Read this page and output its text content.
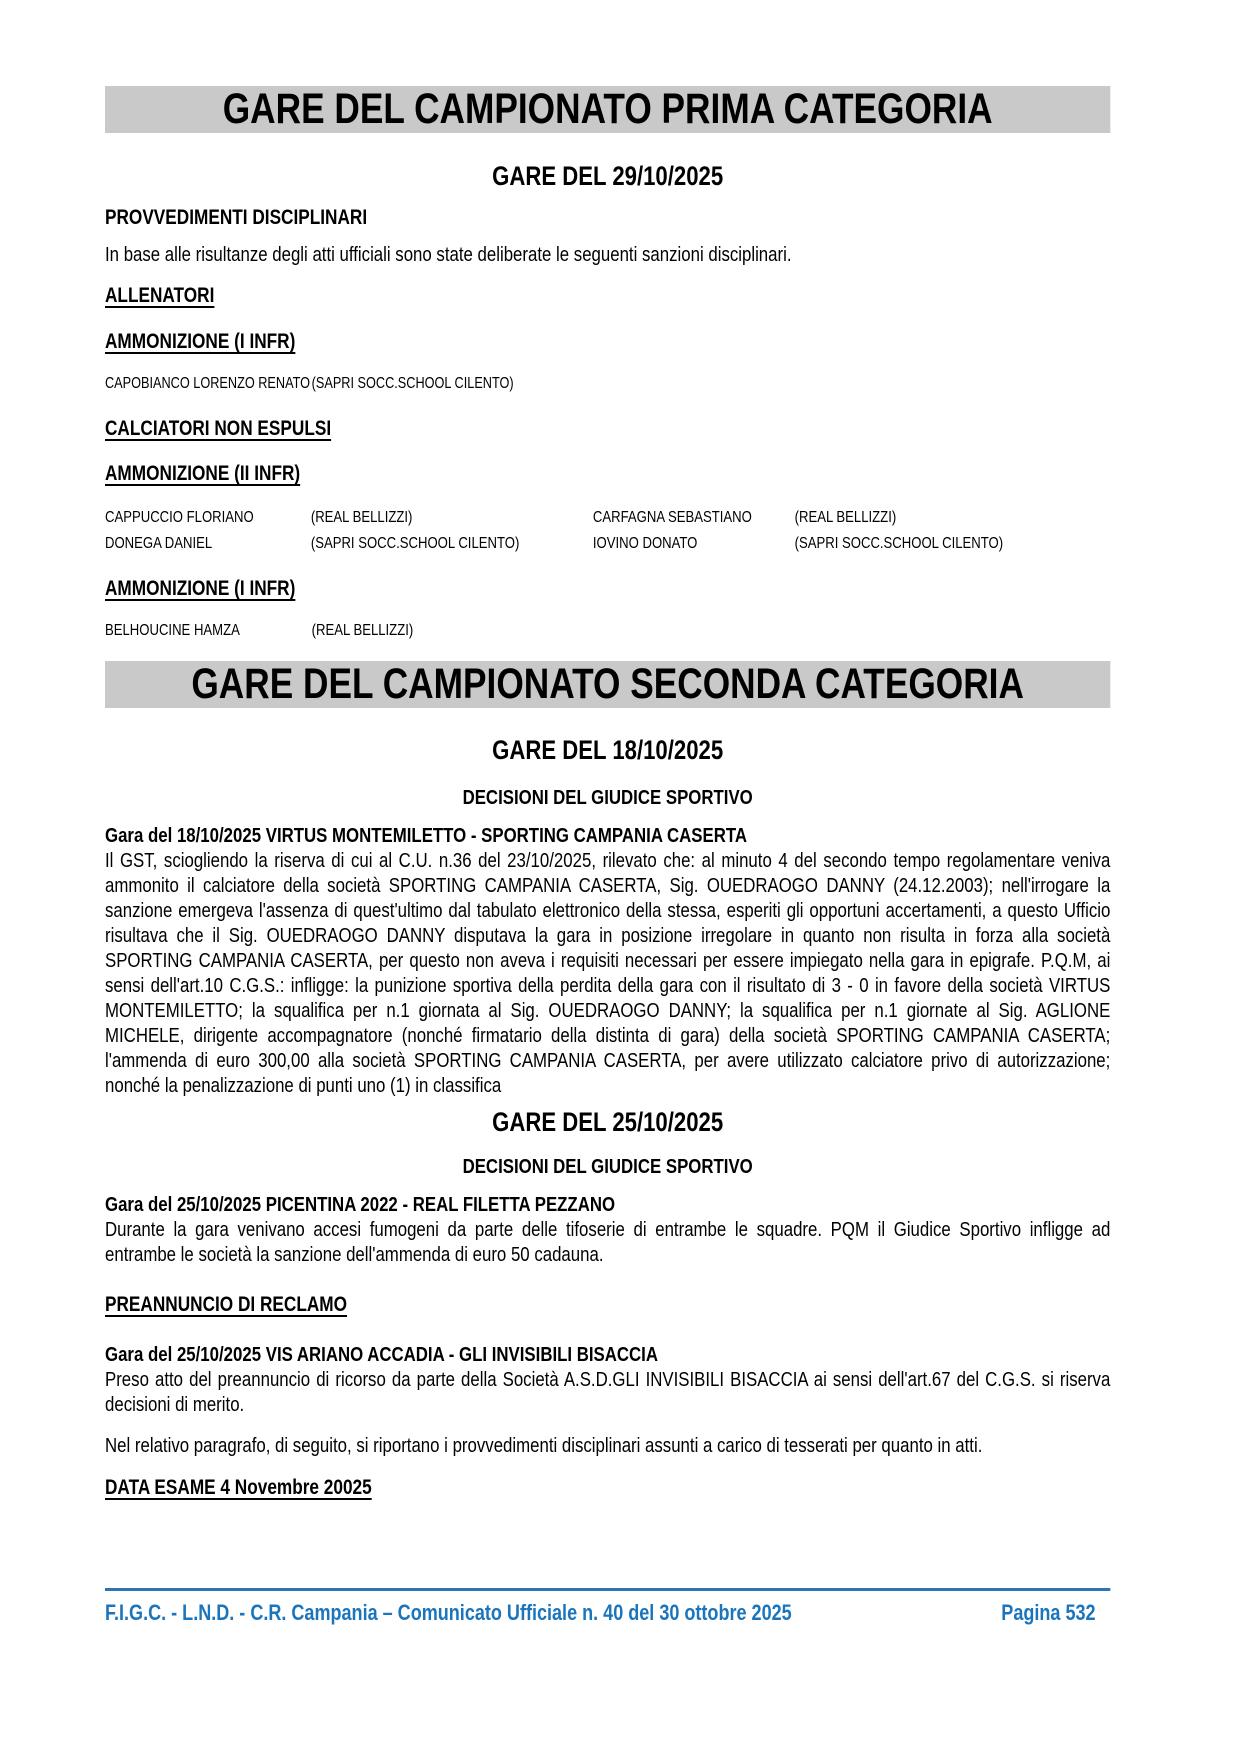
GARE DEL CAMPIONATO PRIMA CATEGORIA
GARE DEL 29/10/2025
PROVVEDIMENTI DISCIPLINARI

In base alle risultanze degli atti ufficiali sono state deliberate le seguenti sanzioni disciplinari.

ALLENATORI
AMMONIZIONE (I INFR)
CAPOBIANCO LORENZO RENATO (SAPRI SOCC.SCHOOL CILENTO)
CALCIATORI NON ESPULSI
AMMONIZIONE (II INFR)
CAPPUCCIO FLORIANO	(REAL BELLIZZI)	CARFAGNA SEBASTIANO	(REAL BELLIZZI)
DONEGA DANIEL	(SAPRI SOCC.SCHOOL CILENTO)	IOVINO DONATO	(SAPRI SOCC.SCHOOL CILENTO)
AMMONIZIONE (I INFR)
BELHOUCINE HAMZA	(REAL BELLIZZI)
GARE DEL CAMPIONATO SECONDA CATEGORIA
GARE DEL 18/10/2025
DECISIONI DEL GIUDICE SPORTIVO
Gara del 18/10/2025 VIRTUS MONTEMILETTO - SPORTING CAMPANIA CASERTA
Il GST, sciogliendo la riserva di cui al C.U. n.36 del 23/10/2025, rilevato che: al minuto 4 del secondo tempo regolamentare veniva ammonito il calciatore della società SPORTING CAMPANIA CASERTA, Sig. OUEDRAOGO DANNY (24.12.2003); nell'irrogare la sanzione emergeva l'assenza di quest'ultimo dal tabulato elettronico della stessa, esperiti gli opportuni accertamenti, a questo Ufficio risultava che il Sig. OUEDRAOGO DANNY disputava la gara in posizione irregolare in quanto non risulta in forza alla società SPORTING CAMPANIA CASERTA, per questo non aveva i requisiti necessari per essere impiegato nella gara in epigrafe. P.Q.M, ai sensi dell'art.10 C.G.S.: infligge: la punizione sportiva della perdita della gara con il risultato di 3 - 0 in favore della società VIRTUS MONTEMILETTO; la squalifica per n.1 giornata al Sig. OUEDRAOGO DANNY; la squalifica per n.1 giornate al Sig. AGLIONE MICHELE, dirigente accompagnatore (nonché firmatario della distinta di gara) della società SPORTING CAMPANIA CASERTA; l'ammenda di euro 300,00 alla società SPORTING CAMPANIA CASERTA, per avere utilizzato calciatore privo di autorizzazione; nonché la penalizzazione di punti uno (1) in classifica
GARE DEL 25/10/2025
DECISIONI DEL GIUDICE SPORTIVO
Gara del 25/10/2025 PICENTINA 2022 - REAL FILETTA PEZZANO
Durante la gara venivano accesi fumogeni da parte delle tifoserie di entrambe le squadre. PQM il Giudice Sportivo infligge ad entrambe le società la sanzione dell'ammenda di euro 50 cadauna.
PREANNUNCIO DI RECLAMO
Gara del 25/10/2025 VIS ARIANO ACCADIA - GLI INVISIBILI BISACCIA
Preso atto del preannuncio di ricorso da parte della Società A.S.D.GLI INVISIBILI BISACCIA ai sensi dell'art.67 del C.G.S. si riserva decisioni di merito.

Nel relativo paragrafo, di seguito, si riportano i provvedimenti disciplinari assunti a carico di tesserati per quanto in atti.

DATA ESAME 4 Novembre 20025
F.I.G.C. - L.N.D. - C.R. Campania – Comunicato Ufficiale n. 40 del 30 ottobre 2025	Pagina 532
